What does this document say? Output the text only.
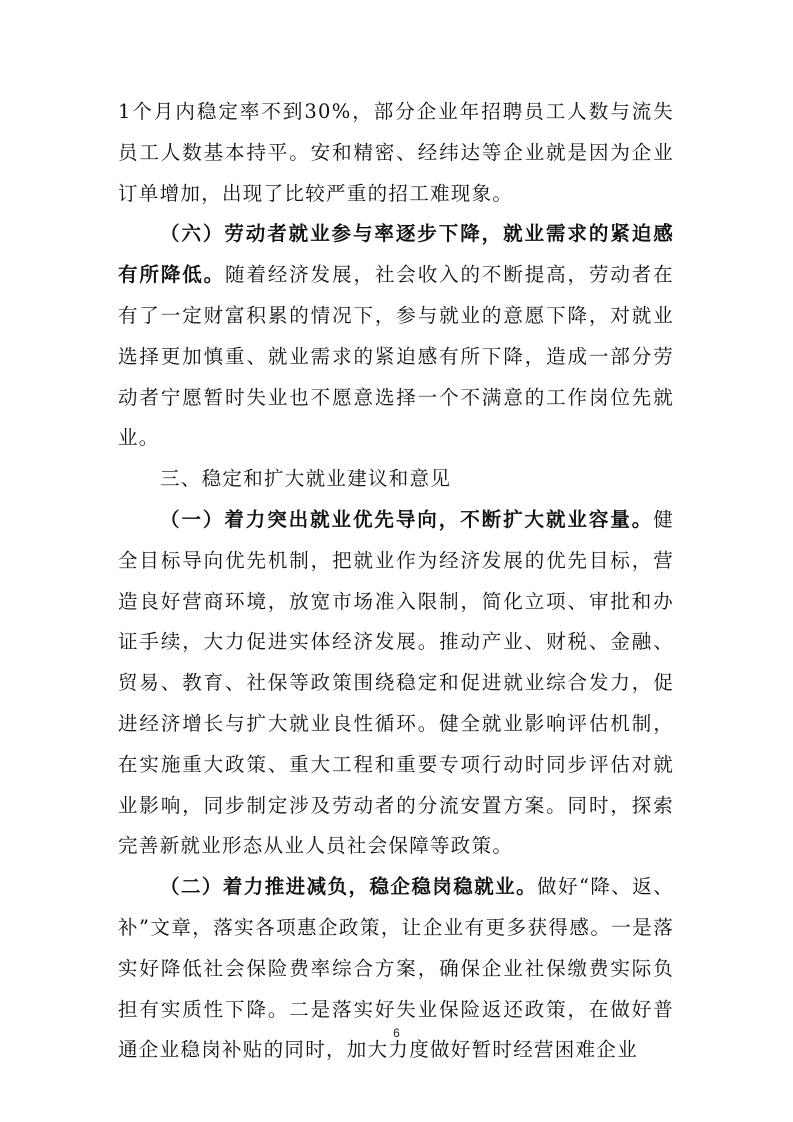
1个月内稳定率不到30%，部分企业年招聘员工人数与流失员工人数基本持平。安和精密、经纬达等企业就是因为企业订单增加，出现了比较严重的招工难现象。

（六）劳动者就业参与率逐步下降，就业需求的紧迫感有所降低。随着经济发展，社会收入的不断提高，劳动者在有了一定财富积累的情况下，参与就业的意愿下降，对就业选择更加慎重、就业需求的紧迫感有所下降，造成一部分劳动者宁愿暂时失业也不愿意选择一个不满意的工作岗位先就业。

三、稳定和扩大就业建议和意见

（一）着力突出就业优先导向，不断扩大就业容量。健全目标导向优先机制，把就业作为经济发展的优先目标，营造良好营商环境，放宽市场准入限制，简化立项、审批和办证手续，大力促进实体经济发展。推动产业、财税、金融、贸易、教育、社保等政策围绕稳定和促进就业综合发力，促进经济增长与扩大就业良性循环。健全就业影响评估机制，在实施重大政策、重大工程和重要专项行动时同步评估对就业影响，同步制定涉及劳动者的分流安置方案。同时，探索完善新就业形态从业人员社会保障等政策。

（二）着力推进减负，稳企稳岗稳就业。做好“降、返、补”文章，落实各项惠企政策，让企业有更多获得感。一是落实好降低社会保险费率综合方案，确保企业社保缴费实际负担有实质性下降。二是落实好失业保险返还政策，在做好普通企业稳岗补贴的同时，加大力度做好暂时经营困难企业

6
